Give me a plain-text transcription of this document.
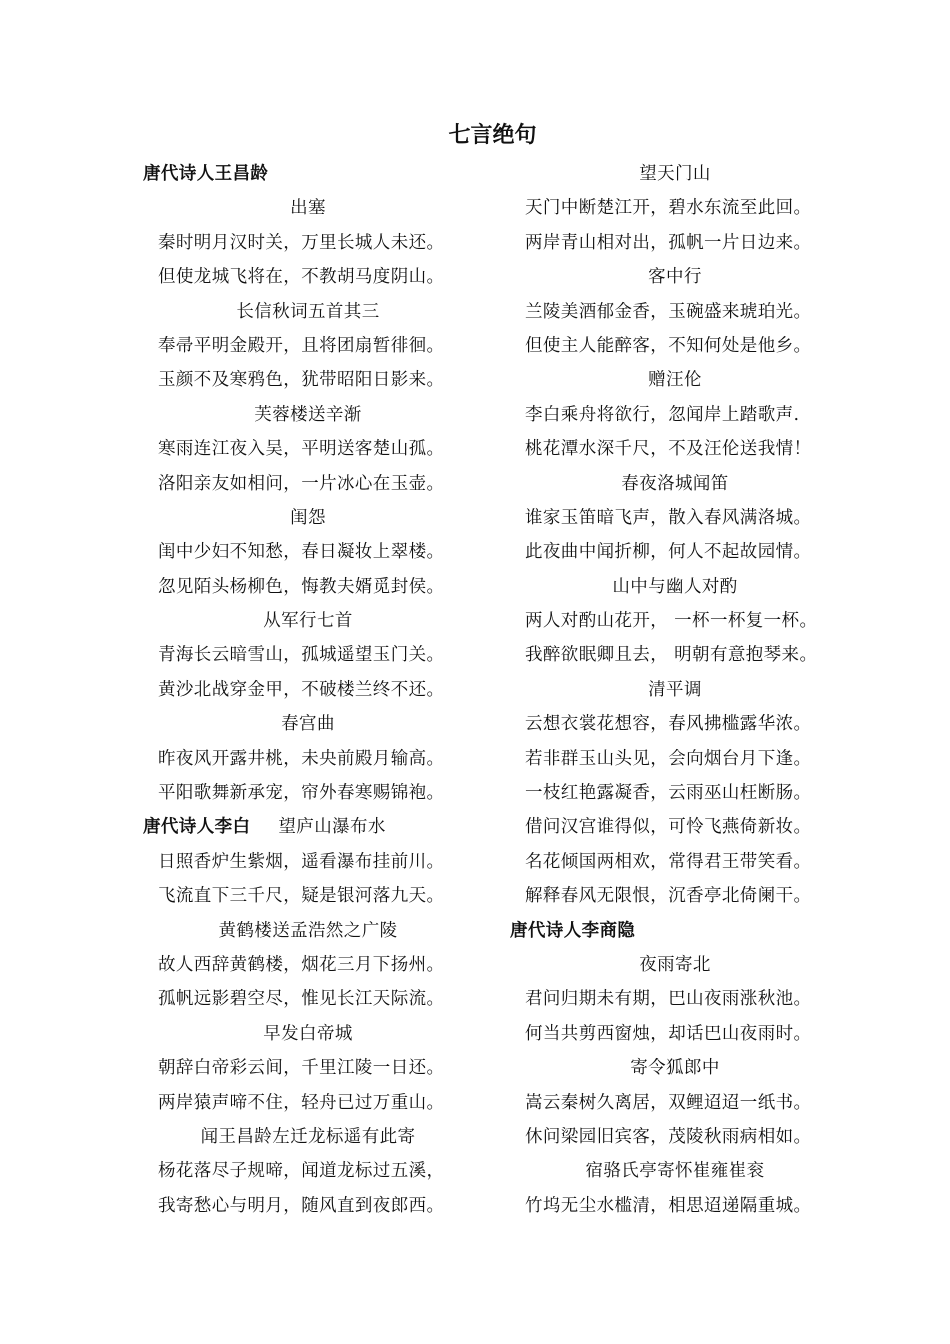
七言绝句
唐代诗人王昌龄
出塞
秦时明月汉时关，万里长城人未还。
但使龙城飞将在，不教胡马度阴山。
长信秋词五首其三
奉帚平明金殿开，且将团扇暂徘徊。
玉颜不及寒鸦色，犹带昭阳日影来。
芙蓉楼送辛渐
寒雨连江夜入吴，平明送客楚山孤。
洛阳亲友如相问，一片冰心在玉壶。
闺怨
闺中少妇不知愁，春日凝妆上翠楼。
忽见陌头杨柳色，悔教夫婿觅封侯。
从军行七首
青海长云暗雪山，孤城遥望玉门关。
黄沙北战穿金甲，不破楼兰终不还。
春宫曲
昨夜风开露井桃，未央前殿月输高。
平阳歌舞新承宠，帘外春寒赐锦袍。
唐代诗人李白 望庐山瀑布水
日照香炉生紫烟，遥看瀑布挂前川。
飞流直下三千尺，疑是银河落九天。
黄鹤楼送孟浩然之广陵
故人西辞黄鹤楼，烟花三月下扬州。
孤帆远影碧空尽，惟见长江天际流。
早发白帝城
朝辞白帝彩云间，千里江陵一日还。
两岸猿声啼不住，轻舟已过万重山。
闻王昌龄左迁龙标遥有此寄
杨花落尽子规啼，闻道龙标过五溪，
我寄愁心与明月，随风直到夜郎西。
望天门山
天门中断楚江开，碧水东流至此回。
两岸青山相对出，孤帆一片日边来。
客中行
兰陵美酒郁金香，玉碗盛来琥珀光。
但使主人能醉客，不知何处是他乡。
赠汪伦
李白乘舟将欲行，忽闻岸上踏歌声.
桃花潭水深千尺，不及汪伦送我情！
春夜洛城闻笛
谁家玉笛暗飞声，散入春风满洛城。
此夜曲中闻折柳，何人不起故园情。
山中与幽人对酌
两人对酌山花开， 一杯一杯复一杯。
我醉欲眠卿且去， 明朝有意抱琴来。
清平调
云想衣裳花想容，春风拂槛露华浓。
若非群玉山头见，会向烟台月下逢。
一枝红艳露凝香，云雨巫山枉断肠。
借问汉宫谁得似，可怜飞燕倚新妆。
名花倾国两相欢，常得君王带笑看。
解释春风无限恨，沉香亭北倚阑干。
唐代诗人李商隐
夜雨寄北
君问归期未有期，巴山夜雨涨秋池。
何当共剪西窗烛，却话巴山夜雨时。
寄令狐郎中
嵩云秦树久离居，双鲤迢迢一纸书。
休问梁园旧宾客，茂陵秋雨病相如。
宿骆氏亭寄怀崔雍崔衮
竹坞无尘水槛清，相思迢递隔重城。
